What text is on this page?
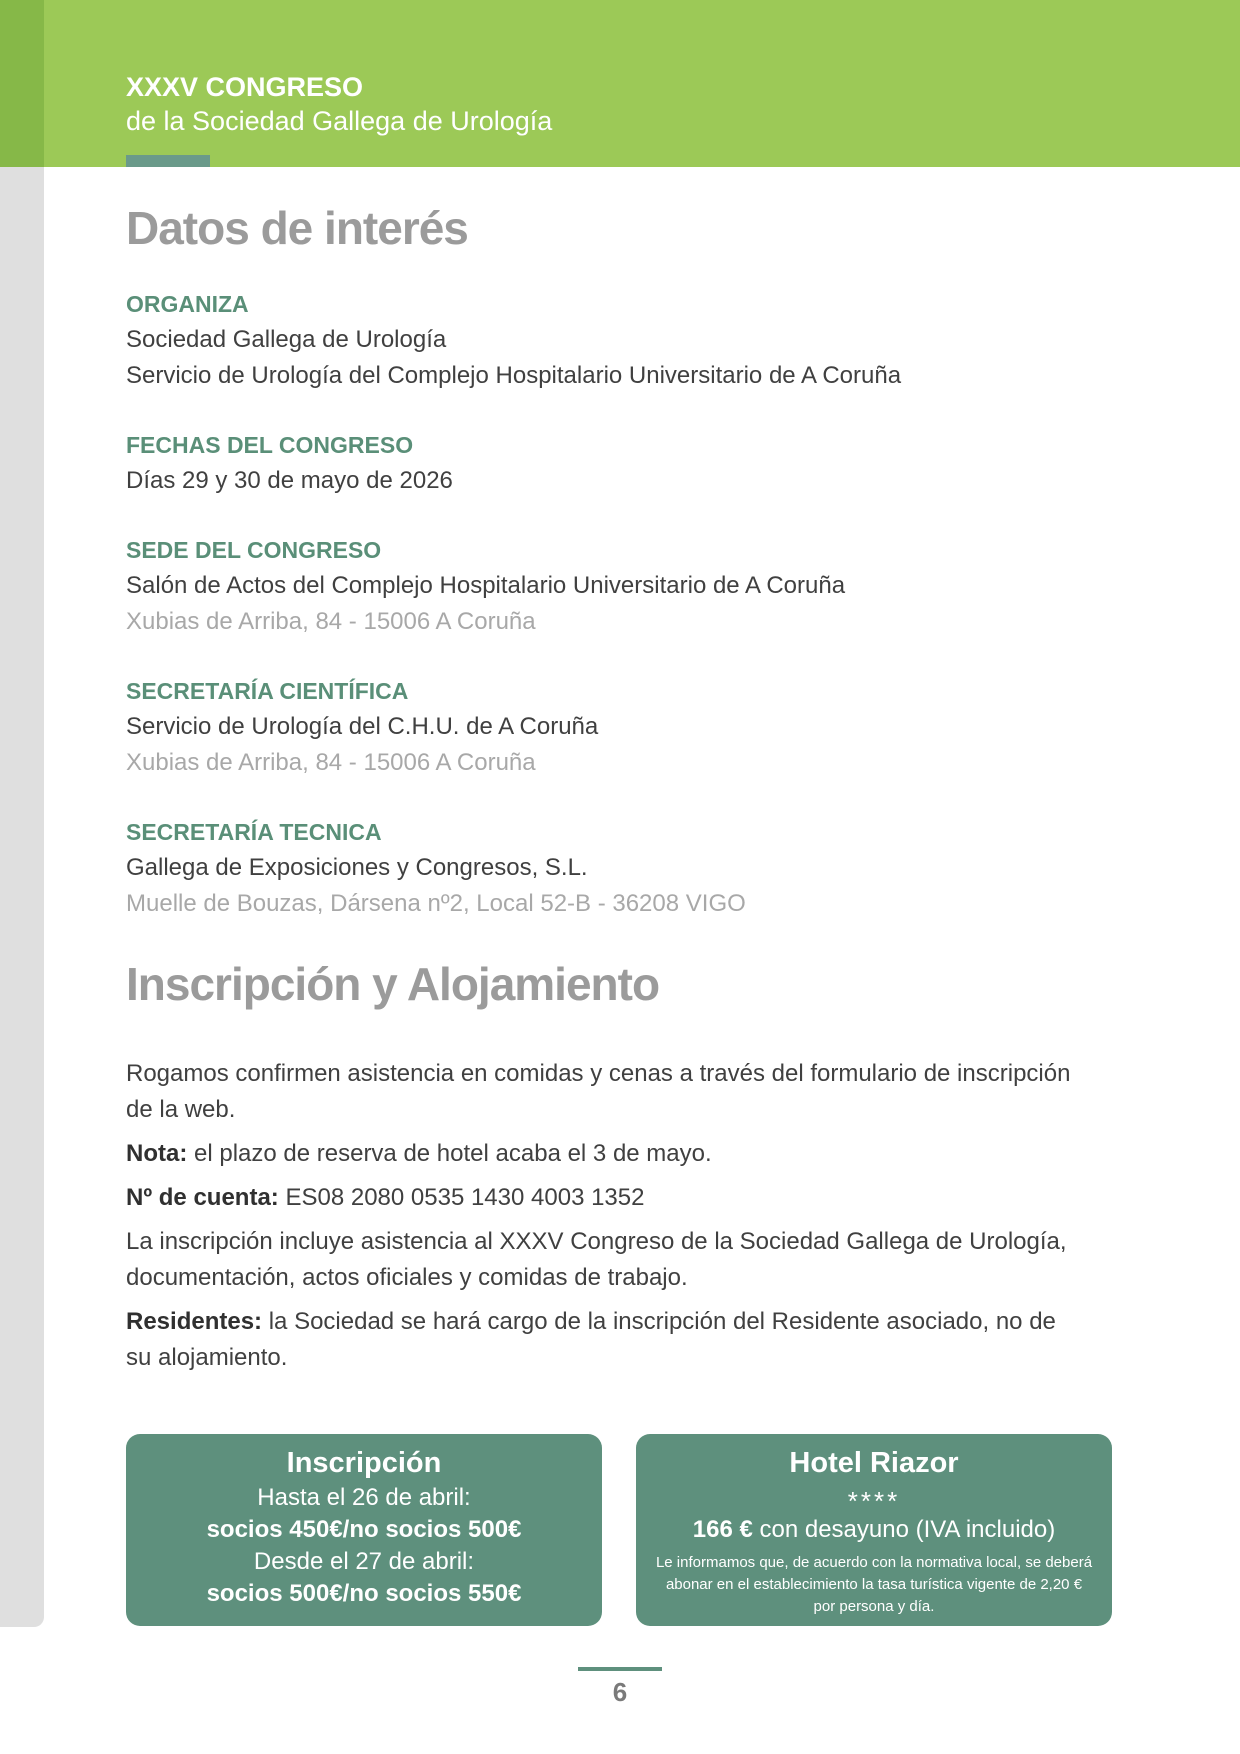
XXXV CONGRESO

de la Sociedad Gallega de Urología

Datos de interés

ORGANIZA

Sociedad Gallega de Urología

Servicio de Urología del Complejo Hospitalario Universitario de A Coruña

FECHAS DEL CONGRESO

Días 29 y 30 de mayo de 2026

SEDE DEL CONGRESO

Salón de Actos del Complejo Hospitalario Universitario de A Coruña

Xubias de Arriba, 84 - 15006 A Coruña

SECRETARÍA CIENTÍFICA

Servicio de Urología del C.H.U. de A Coruña

Xubias de Arriba, 84 - 15006 A Coruña

SECRETARÍA TECNICA

Gallega de Exposiciones y Congresos, S.L.

Muelle de Bouzas, Dársena nº2, Local 52-B - 36208 VIGO

Inscripción y Alojamiento

Rogamos confirmen asistencia en comidas y cenas a través del formulario de inscripción de la web.

Nota: el plazo de reserva de hotel acaba el 3 de mayo.

Nº de cuenta: ES08 2080 0535 1430 4003 1352

La inscripción incluye asistencia al XXXV Congreso de la Sociedad Gallega de Urología, documentación, actos oficiales y comidas de trabajo.

Residentes: la Sociedad se hará cargo de la inscripción del Residente asociado, no de su alojamiento.

Inscripción

Hasta el 26 de abril:

socios 450€/no socios 500€

Desde el 27 de abril:

socios 500€/no socios 550€

Hotel Riazor

****

166 € con desayuno (IVA incluido)

Le informamos que, de acuerdo con la normativa local, se deberá abonar en el establecimiento la tasa turística vigente de 2,20 € por persona y día.

6
